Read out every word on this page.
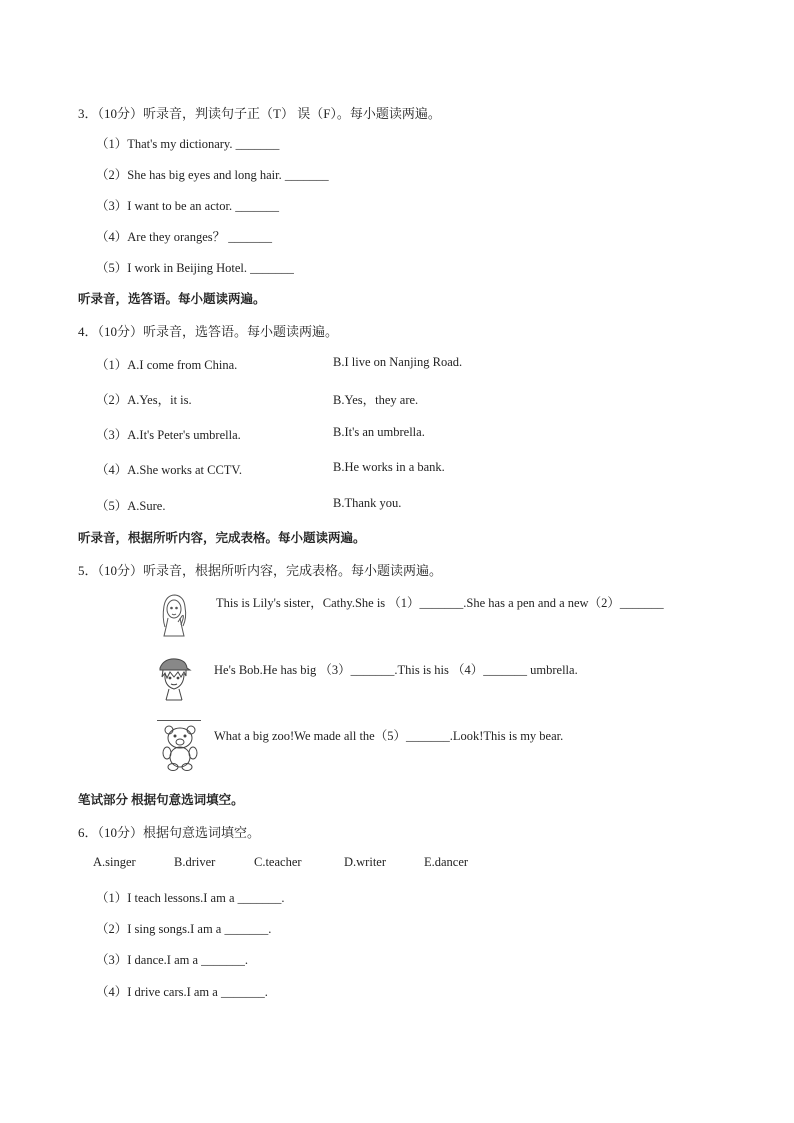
3．（10分）听录音，判读句子正（T） 误（F）。每小题读两遍。
（1）That's my dictionary. _______
（2）She has big eyes and long hair. _______
（3）I want to be an actor. _______
（4）Are they oranges？ _______
（5）I work in Beijing Hotel. _______
听录音，选答语。每小题读两遍。
4．（10分）听录音，选答语。每小题读两遍。
（1）A.I come from China.	B.I live on Nanjing Road.
（2）A.Yes，it is.	B.Yes，they are.
（3）A.It's Peter's umbrella.	B.It's an umbrella.
（4）A.She works at CCTV.	B.He works in a bank.
（5）A.Sure.	B.Thank you.
听录音，根据所听内容，完成表格。每小题读两遍。
5．（10分）听录音，根据所听内容，完成表格。每小题读两遍。
This is Lily's sister，Cathy.She is （1）_______.She has a pen and a new（2）_______
He's Bob.He has big （3）_______.This is his （4）_______ umbrella.
What a big zoo!We made all the（5）_______.Look!This is my bear.
笔试部分 根据句意选词填空。
6．（10分）根据句意选词填空。
A.singer	B.driver	C.teacher	D.writer	E.dancer
（1）I teach lessons.I am a _______.
（2）I sing songs.I am a _______.
（3）I dance.I am a _______.
（4）I drive cars.I am a _______.
